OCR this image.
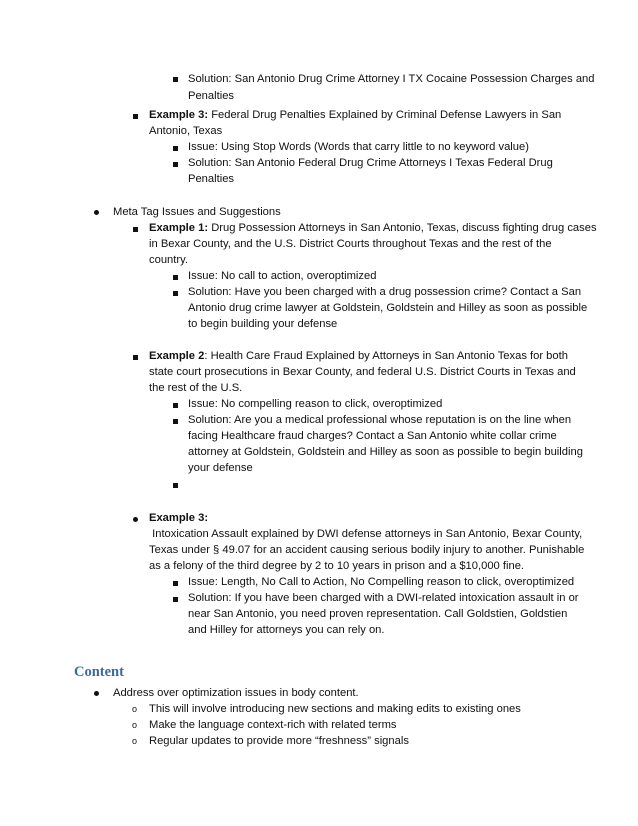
Solution: San Antonio Drug Crime Attorney I TX Cocaine Possession Charges and
Penalties
Example 3: Federal Drug Penalties Explained by Criminal Defense Lawyers in San
Antonio, Texas
Issue: Using Stop Words (Words that carry little to no keyword value)
Solution: San Antonio Federal Drug Crime Attorneys I Texas Federal Drug
Penalties
Meta Tag Issues and Suggestions
Example 1: Drug Possession Attorneys in San Antonio, Texas, discuss fighting drug cases
in Bexar County, and the U.S. District Courts throughout Texas and the rest of the
country.
Issue: No call to action, overoptimized
Solution: Have you been charged with a drug possession crime? Contact a San
Antonio drug crime lawyer at Goldstein, Goldstein and Hilley as soon as possible
to begin building your defense
Example 2: Health Care Fraud Explained by Attorneys in San Antonio Texas for both
state court prosecutions in Bexar County, and federal U.S. District Courts in Texas and
the rest of the U.S.
Issue: No compelling reason to click, overoptimized
Solution: Are you a medical professional whose reputation is on the line when
facing Healthcare fraud charges? Contact a San Antonio white collar crime
attorney at Goldstein, Goldstein and Hilley as soon as possible to begin building
your defense
Example 3:
Intoxication Assault explained by DWI defense attorneys in San Antonio, Bexar County,
Texas under § 49.07 for an accident causing serious bodily injury to another. Punishable
as a felony of the third degree by 2 to 10 years in prison and a $10,000 fine.
Issue: Length, No Call to Action, No Compelling reason to click, overoptimized
Solution: If you have been charged with a DWI-related intoxication assault in or
near San Antonio, you need proven representation. Call Goldstien, Goldstien
and Hilley for attorneys you can rely on.
Content
Address over optimization issues in body content.
o This will involve introducing new sections and making edits to existing ones
o Make the language context-rich with related terms
o Regular updates to provide more “freshness” signals
